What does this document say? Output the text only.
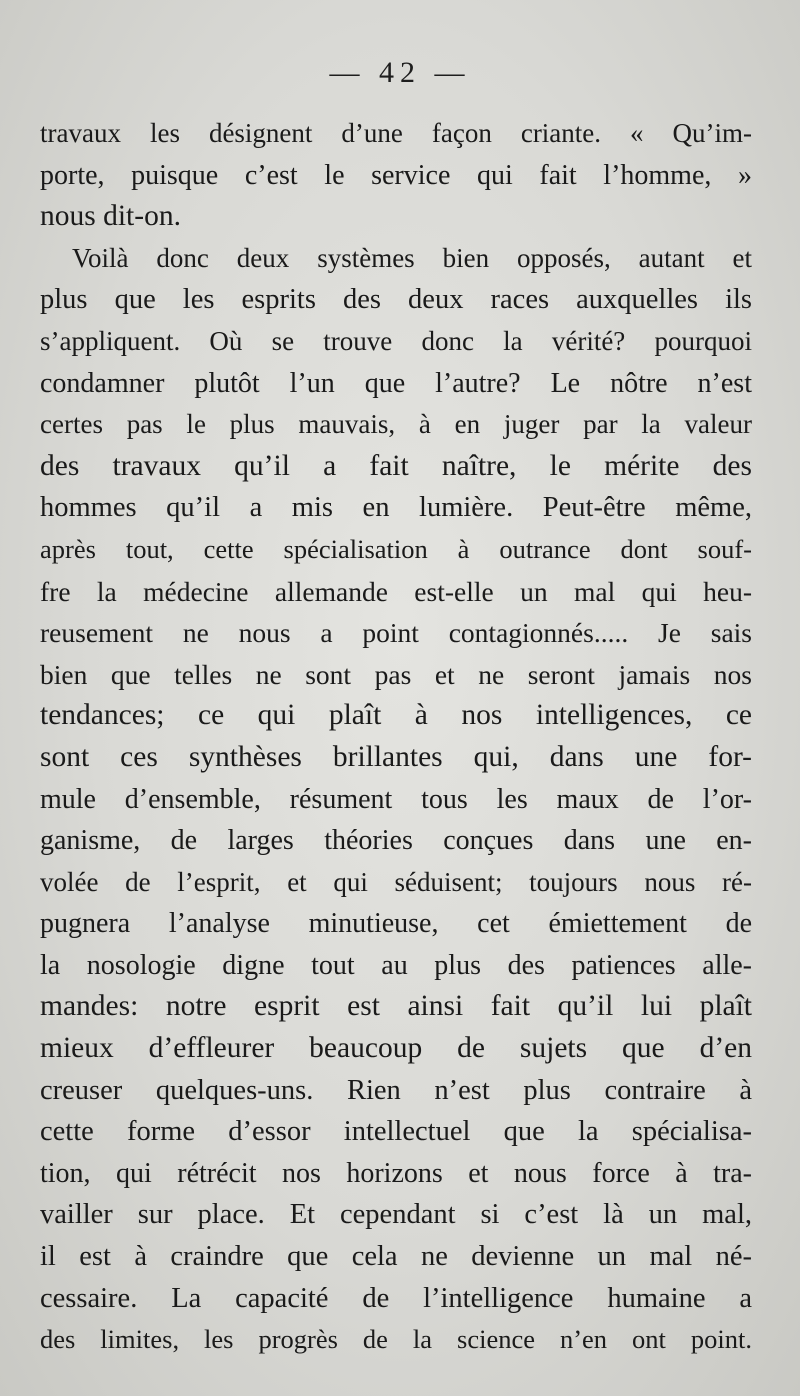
— 42 —
travaux les désignent d’une façon criante. « Qu’im-
porte, puisque c’est le service qui fait l’homme, »
nous dit-on.
Voilà donc deux systèmes bien opposés, autant et
plus que les esprits des deux races auxquelles ils
s’appliquent. Où se trouve donc la vérité? pourquoi
condamner plutôt l’un que l’autre? Le nôtre n’est
certes pas le plus mauvais, à en juger par la valeur
des travaux qu’il a fait naître, le mérite des
hommes qu’il a mis en lumière. Peut-être même,
après tout, cette spécialisation à outrance dont souf-
fre la médecine allemande est-elle un mal qui heu-
reusement ne nous a point contagionnés..... Je sais
bien que telles ne sont pas et ne seront jamais nos
tendances; ce qui plaît à nos intelligences, ce
sont ces synthèses brillantes qui, dans une for-
mule d’ensemble, résument tous les maux de l’or-
ganisme, de larges théories conçues dans une en-
volée de l’esprit, et qui séduisent; toujours nous ré-
pugnera l’analyse minutieuse, cet émiettement de
la nosologie digne tout au plus des patiences alle-
mandes: notre esprit est ainsi fait qu’il lui plaît
mieux d’effleurer beaucoup de sujets que d’en
creuser quelques-uns. Rien n’est plus contraire à
cette forme d’essor intellectuel que la spécialisa-
tion, qui rétrécit nos horizons et nous force à tra-
vailler sur place. Et cependant si c’est là un mal,
il est à craindre que cela ne devienne un mal né-
cessaire. La capacité de l’intelligence humaine a
des limites, les progrès de la science n’en ont point.
